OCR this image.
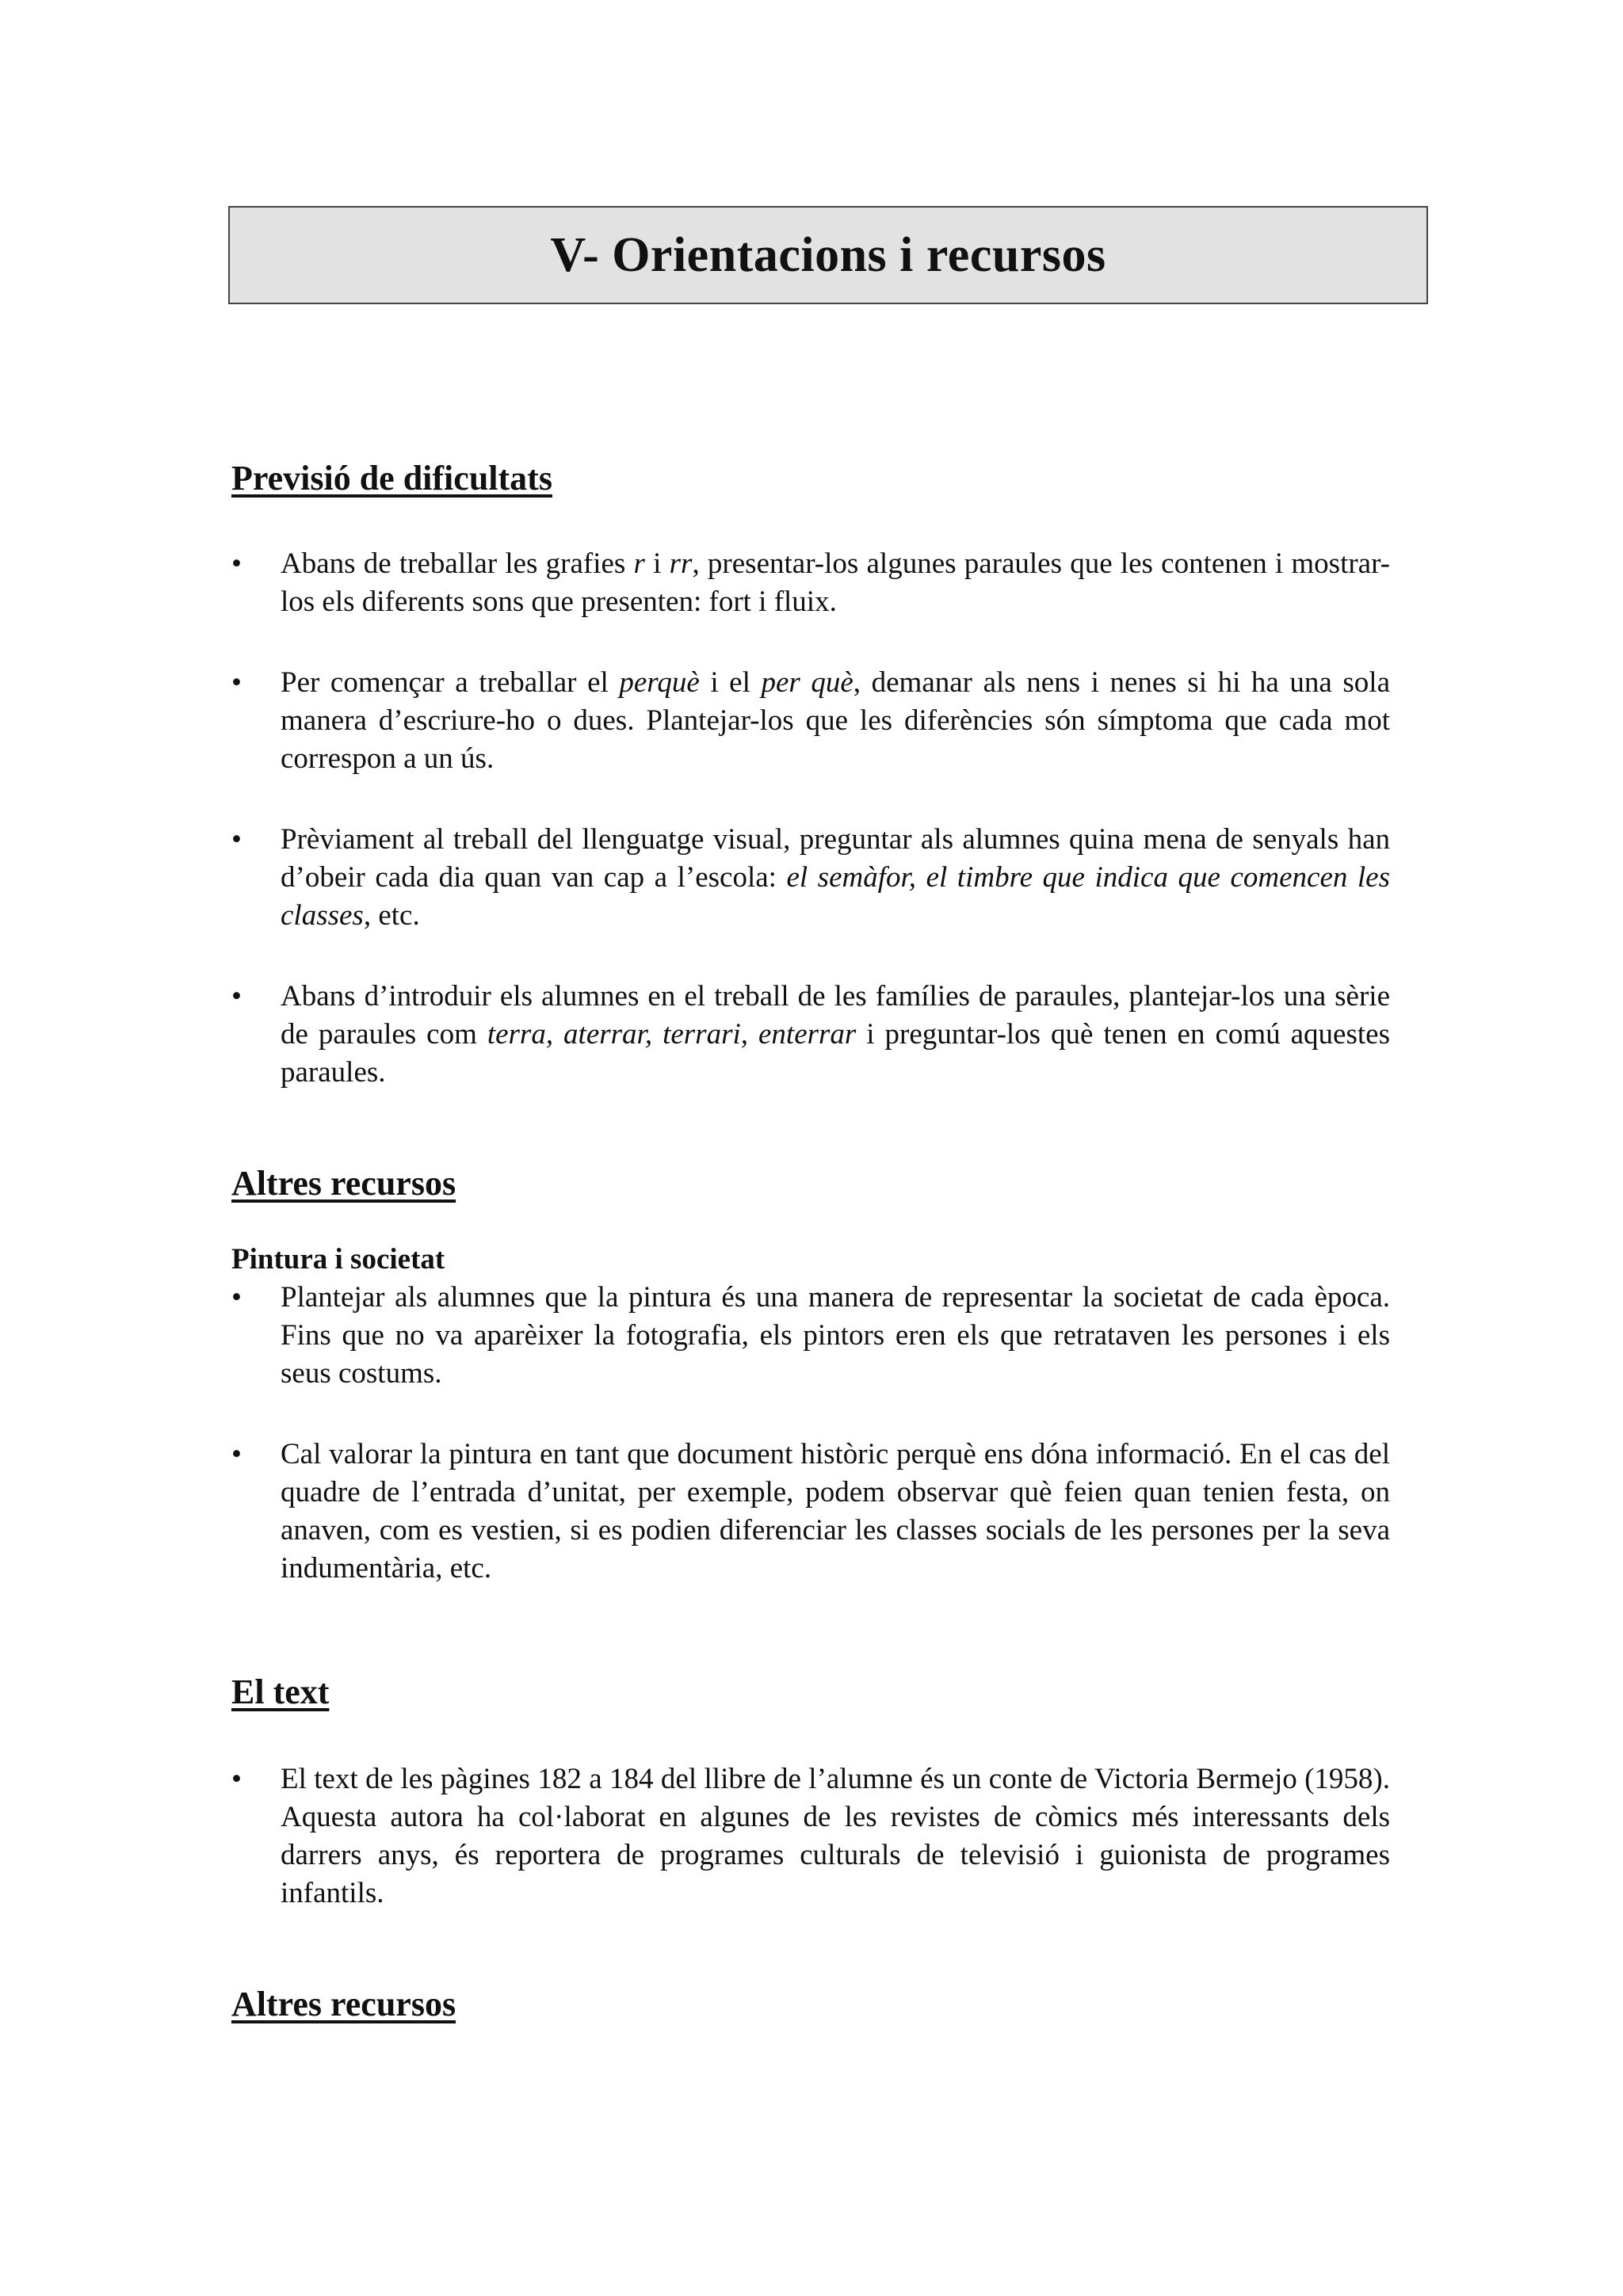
V- Orientacions i recursos
Previsió de dificultats
•	Abans de treballar les grafies r i rr, presentar-los algunes paraules que les contenen i mostrar-los els diferents sons que presenten: fort i fluix.
•	Per començar a treballar el perquè i el per què, demanar als nens i nenes si hi ha una sola manera d’escriure-ho o dues. Plantejar-los que les diferències són símptoma que cada mot correspon a un ús.
•	Prèviament al treball del llenguatge visual, preguntar als alumnes quina mena de senyals han d’obeir cada dia quan van cap a l’escola: el semàfor, el timbre que indica que comencen les classes, etc.
•	Abans d’introduir els alumnes en el treball de les famílies de paraules, plantejar-los una sèrie de paraules com terra, aterrar, terrari, enterrar i preguntar-los què tenen en comú aquestes paraules.
Altres recursos
Pintura i societat
•	Plantejar als alumnes que la pintura és una manera de representar la societat de cada època. Fins que no va aparèixer la fotografia, els pintors eren els que retrataven les persones i els seus costums.
•	Cal valorar la pintura en tant que document històric perquè ens dóna informació. En el cas del quadre de l’entrada d’unitat, per exemple, podem observar què feien quan tenien festa, on anaven, com es vestien, si es podien diferenciar les classes socials de les persones per la seva indumentària, etc.
El text
•	El text de les pàgines 182 a 184 del llibre de l’alumne és un conte de Victoria Bermejo (1958). Aquesta autora ha col·laborat en algunes de les revistes de còmics més interessants dels darrers anys, és reportera de programes culturals de televisió i guionista de programes infantils.
Altres recursos
